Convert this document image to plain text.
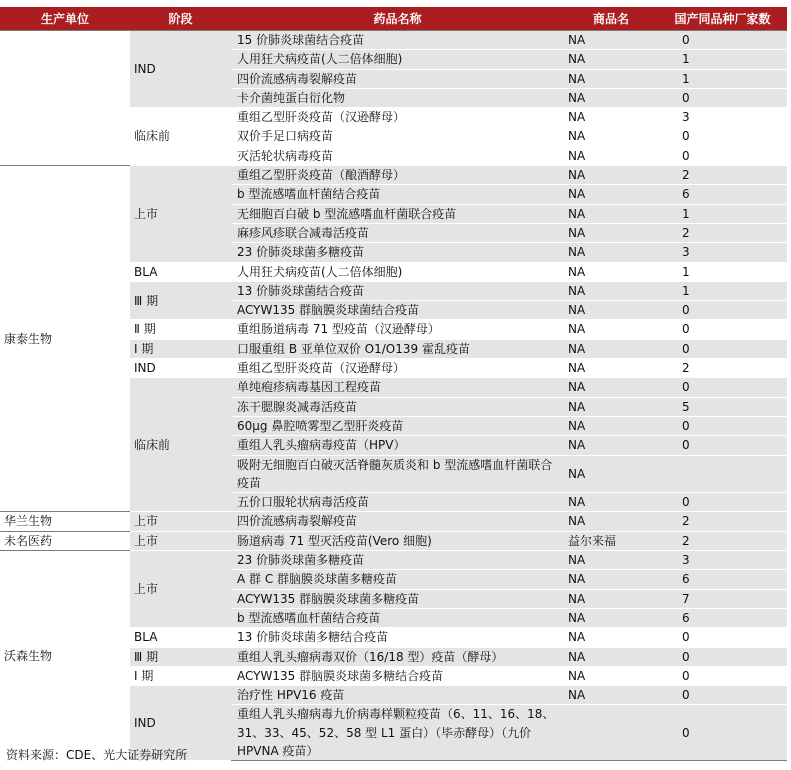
生产单位	阶段	药品名称	商品名	国产同品种厂家数
	IND	15 价肺炎球菌结合疫苗	NA	0
		人用狂犬病疫苗(人二倍体细胞)	NA	1
		四价流感病毒裂解疫苗	NA	1
		卡介菌纯蛋白衍化物	NA	0
	临床前	重组乙型肝炎疫苗（汉逊酵母）	NA	3
		双价手足口病疫苗	NA	0
		灭活轮状病毒疫苗	NA	0
康泰生物	上市	重组乙型肝炎疫苗（酿酒酵母）	NA	2
		b 型流感嗜血杆菌结合疫苗	NA	6
		无细胞百白破 b 型流感嗜血杆菌联合疫苗	NA	1
		麻疹风疹联合减毒活疫苗	NA	2
		23 价肺炎球菌多糖疫苗	NA	3
	BLA	人用狂犬病疫苗(人二倍体细胞)	NA	1
	Ⅲ 期	13 价肺炎球菌结合疫苗	NA	1
		ACYW135 群脑膜炎球菌结合疫苗	NA	0
	Ⅱ 期	重组肠道病毒 71 型疫苗（汉逊酵母）	NA	0
	Ⅰ 期	口服重组 B 亚单位双价 O1/O139 霍乱疫苗	NA	0
	IND	重组乙型肝炎疫苗（汉逊酵母）	NA	2
	临床前	单纯疱疹病毒基因工程疫苗	NA	0
		冻干腮腺炎减毒活疫苗	NA	5
		60μg 鼻腔喷雾型乙型肝炎疫苗	NA	0
		重组人乳头瘤病毒疫苗（HPV）	NA	0
		吸附无细胞百白破灭活脊髓灰质炎和 b 型流感嗜血杆菌联合疫苗	NA	
		五价口服轮状病毒活疫苗	NA	0
华兰生物	上市	四价流感病毒裂解疫苗	NA	2
未名医药	上市	肠道病毒 71 型灭活疫苗(Vero 细胞)	益尔来福	2
沃森生物	上市	23 价肺炎球菌多糖疫苗	NA	3
		A 群 C 群脑膜炎球菌多糖疫苗	NA	6
		ACYW135 群脑膜炎球菌多糖疫苗	NA	7
		b 型流感嗜血杆菌结合疫苗	NA	6
	BLA	13 价肺炎球菌多糖结合疫苗	NA	0
	Ⅲ 期	重组人乳头瘤病毒双价（16/18 型）疫苗（酵母）	NA	0
	Ⅰ 期	ACYW135 群脑膜炎球菌多糖结合疫苗	NA	0
	IND	治疗性 HPV16 疫苗	NA	0
		重组人乳头瘤病毒九价病毒样颗粒疫苗（6、11、16、18、31、33、45、52、58 型 L1 蛋白）（毕赤酵母）（九价 HPVNA 疫苗）		0
资料来源：CDE、光大证券研究所
